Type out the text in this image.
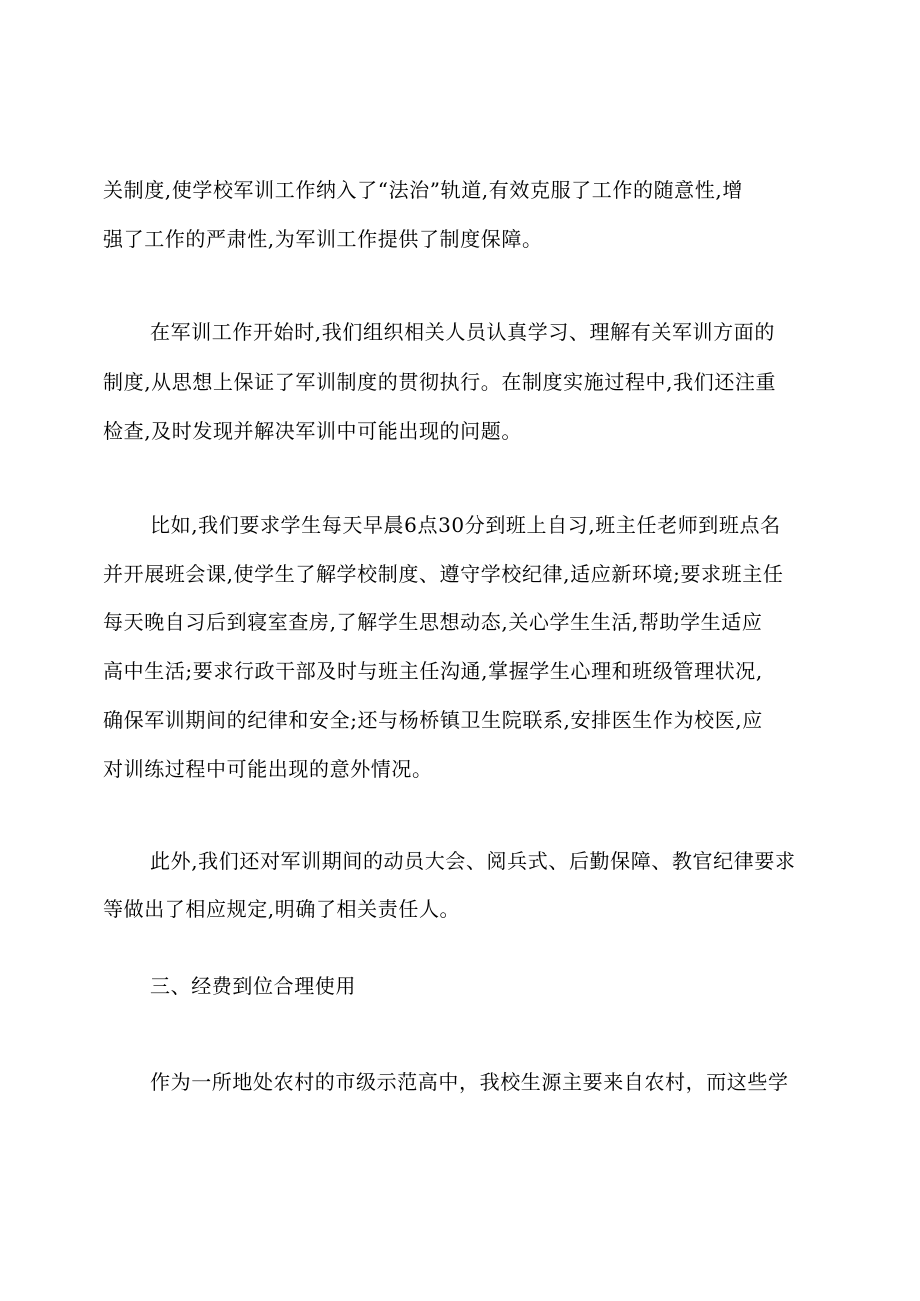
关制度,使学校军训工作纳入了“法治”轨道,有效克服了工作的随意性,增
强了工作的严肃性,为军训工作提供了制度保障。
在军训工作开始时,我们组织相关人员认真学习、理解有关军训方面的
制度,从思想上保证了军训制度的贯彻执行。在制度实施过程中,我们还注重
检查,及时发现并解决军训中可能出现的问题。
比如,我们要求学生每天早晨6点30分到班上自习,班主任老师到班点名
并开展班会课,使学生了解学校制度、遵守学校纪律,适应新环境;要求班主任
每天晚自习后到寝室查房,了解学生思想动态,关心学生生活,帮助学生适应
高中生活;要求行政干部及时与班主任沟通,掌握学生心理和班级管理状况,
确保军训期间的纪律和安全;还与杨桥镇卫生院联系,安排医生作为校医,应
对训练过程中可能出现的意外情况。
此外,我们还对军训期间的动员大会、阅兵式、后勤保障、教官纪律要求
等做出了相应规定,明确了相关责任人。
三、经费到位合理使用
作为一所地处农村的市级示范高中，我校生源主要来自农村，而这些学
